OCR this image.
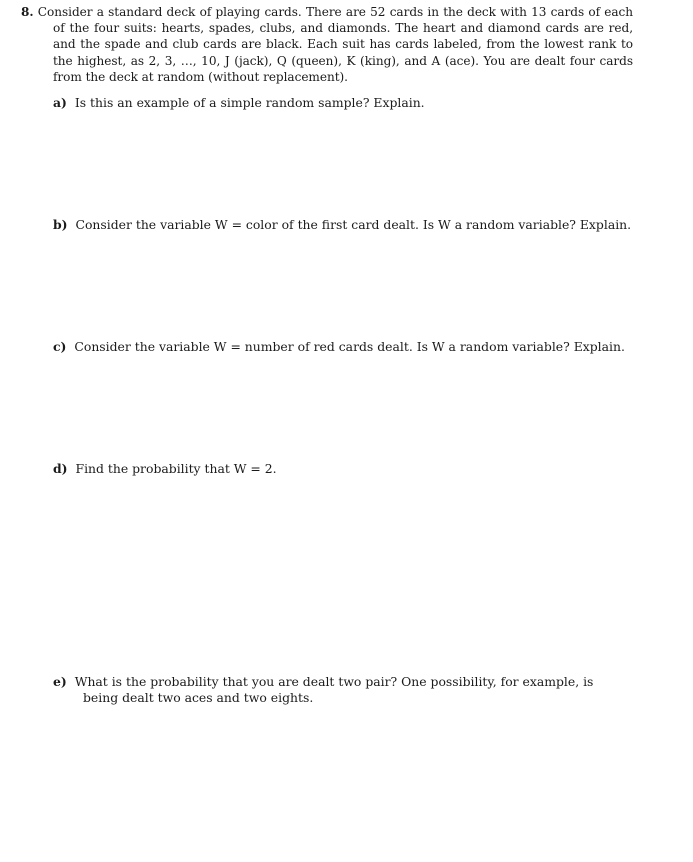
8. Consider a standard deck of playing cards. There are 52 cards in the deck with 13 cards of each of the four suits: hearts, spades, clubs, and diamonds. The heart and diamond cards are red, and the spade and club cards are black. Each suit has cards labeled, from the lowest rank to the highest, as 2, 3, …, 10, J (jack), Q (queen), K (king), and A (ace). You are dealt four cards from the deck at random (without replacement).

a) Is this an example of a simple random sample? Explain.

b) Consider the variable W = color of the first card dealt. Is W a random variable? Explain.

c) Consider the variable W = number of red cards dealt. Is W a random variable? Explain.

d) Find the probability that W = 2.

e) What is the probability that you are dealt two pair? One possibility, for example, is being dealt two aces and two eights.
